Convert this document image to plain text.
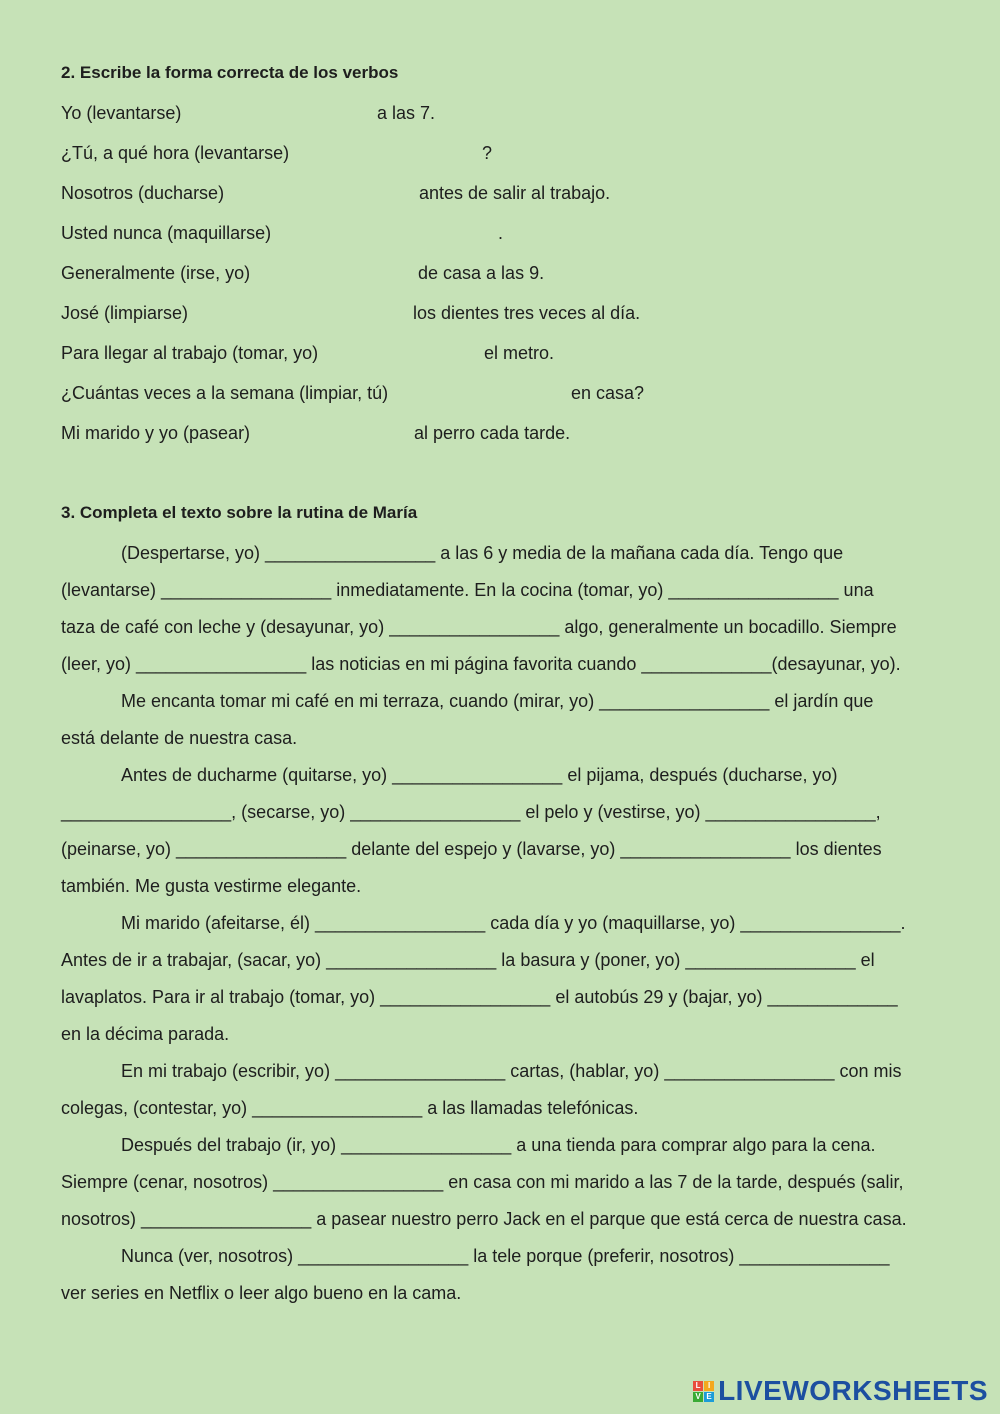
2. Escribe la forma correcta de los verbos
Yo (levantarse)	a las 7.
¿Tú, a qué hora (levantarse)	?
Nosotros (ducharse)	antes de salir al trabajo.
Usted nunca (maquillarse)	.
Generalmente (irse, yo)	de casa a las 9.
José (limpiarse)	los dientes tres veces al día.
Para llegar al trabajo (tomar, yo)	el metro.
¿Cuántas veces a la semana (limpiar, tú)	en casa?
Mi marido y yo (pasear)	al perro cada tarde.
3. Completa el texto sobre la rutina de María
(Despertarse, yo) _________________ a las 6 y media de la mañana cada día. Tengo que
(levantarse) _________________ inmediatamente. En la cocina (tomar, yo) _________________ una
taza de café con leche y (desayunar, yo) _________________ algo, generalmente un bocadillo. Siempre
(leer, yo) _________________ las noticias en mi página favorita cuando _____________(desayunar, yo).
Me encanta tomar mi café en mi terraza, cuando (mirar, yo) _________________ el jardín que
está delante de nuestra casa.
Antes de ducharme (quitarse, yo) _________________ el pijama, después (ducharse, yo)
_________________, (secarse, yo) _________________ el pelo y (vestirse, yo) _________________,
(peinarse, yo) _________________ delante del espejo y (lavarse, yo) _________________ los dientes
también. Me gusta vestirme elegante.
Mi marido (afeitarse, él) _________________ cada día y yo (maquillarse, yo) ________________.
Antes de ir a trabajar, (sacar, yo) _________________ la basura y (poner, yo) _________________ el
lavaplatos. Para ir al trabajo (tomar, yo) _________________ el autobús 29 y (bajar, yo) _____________
en la décima parada.
En mi trabajo (escribir, yo) _________________ cartas, (hablar, yo) _________________ con mis
colegas, (contestar, yo) _________________ a las llamadas telefónicas.
Después del trabajo (ir, yo) _________________ a una tienda para comprar algo para la cena.
Siempre (cenar, nosotros) _________________ en casa con mi marido a las 7 de la tarde, después (salir,
nosotros) _________________ a pasear nuestro perro Jack en el parque que está cerca de nuestra casa.
Nunca (ver, nosotros) _________________ la tele porque (preferir, nosotros) _______________
ver series en Netflix o leer algo bueno en la cama.
L I
V E LIVEWORKSHEETS
